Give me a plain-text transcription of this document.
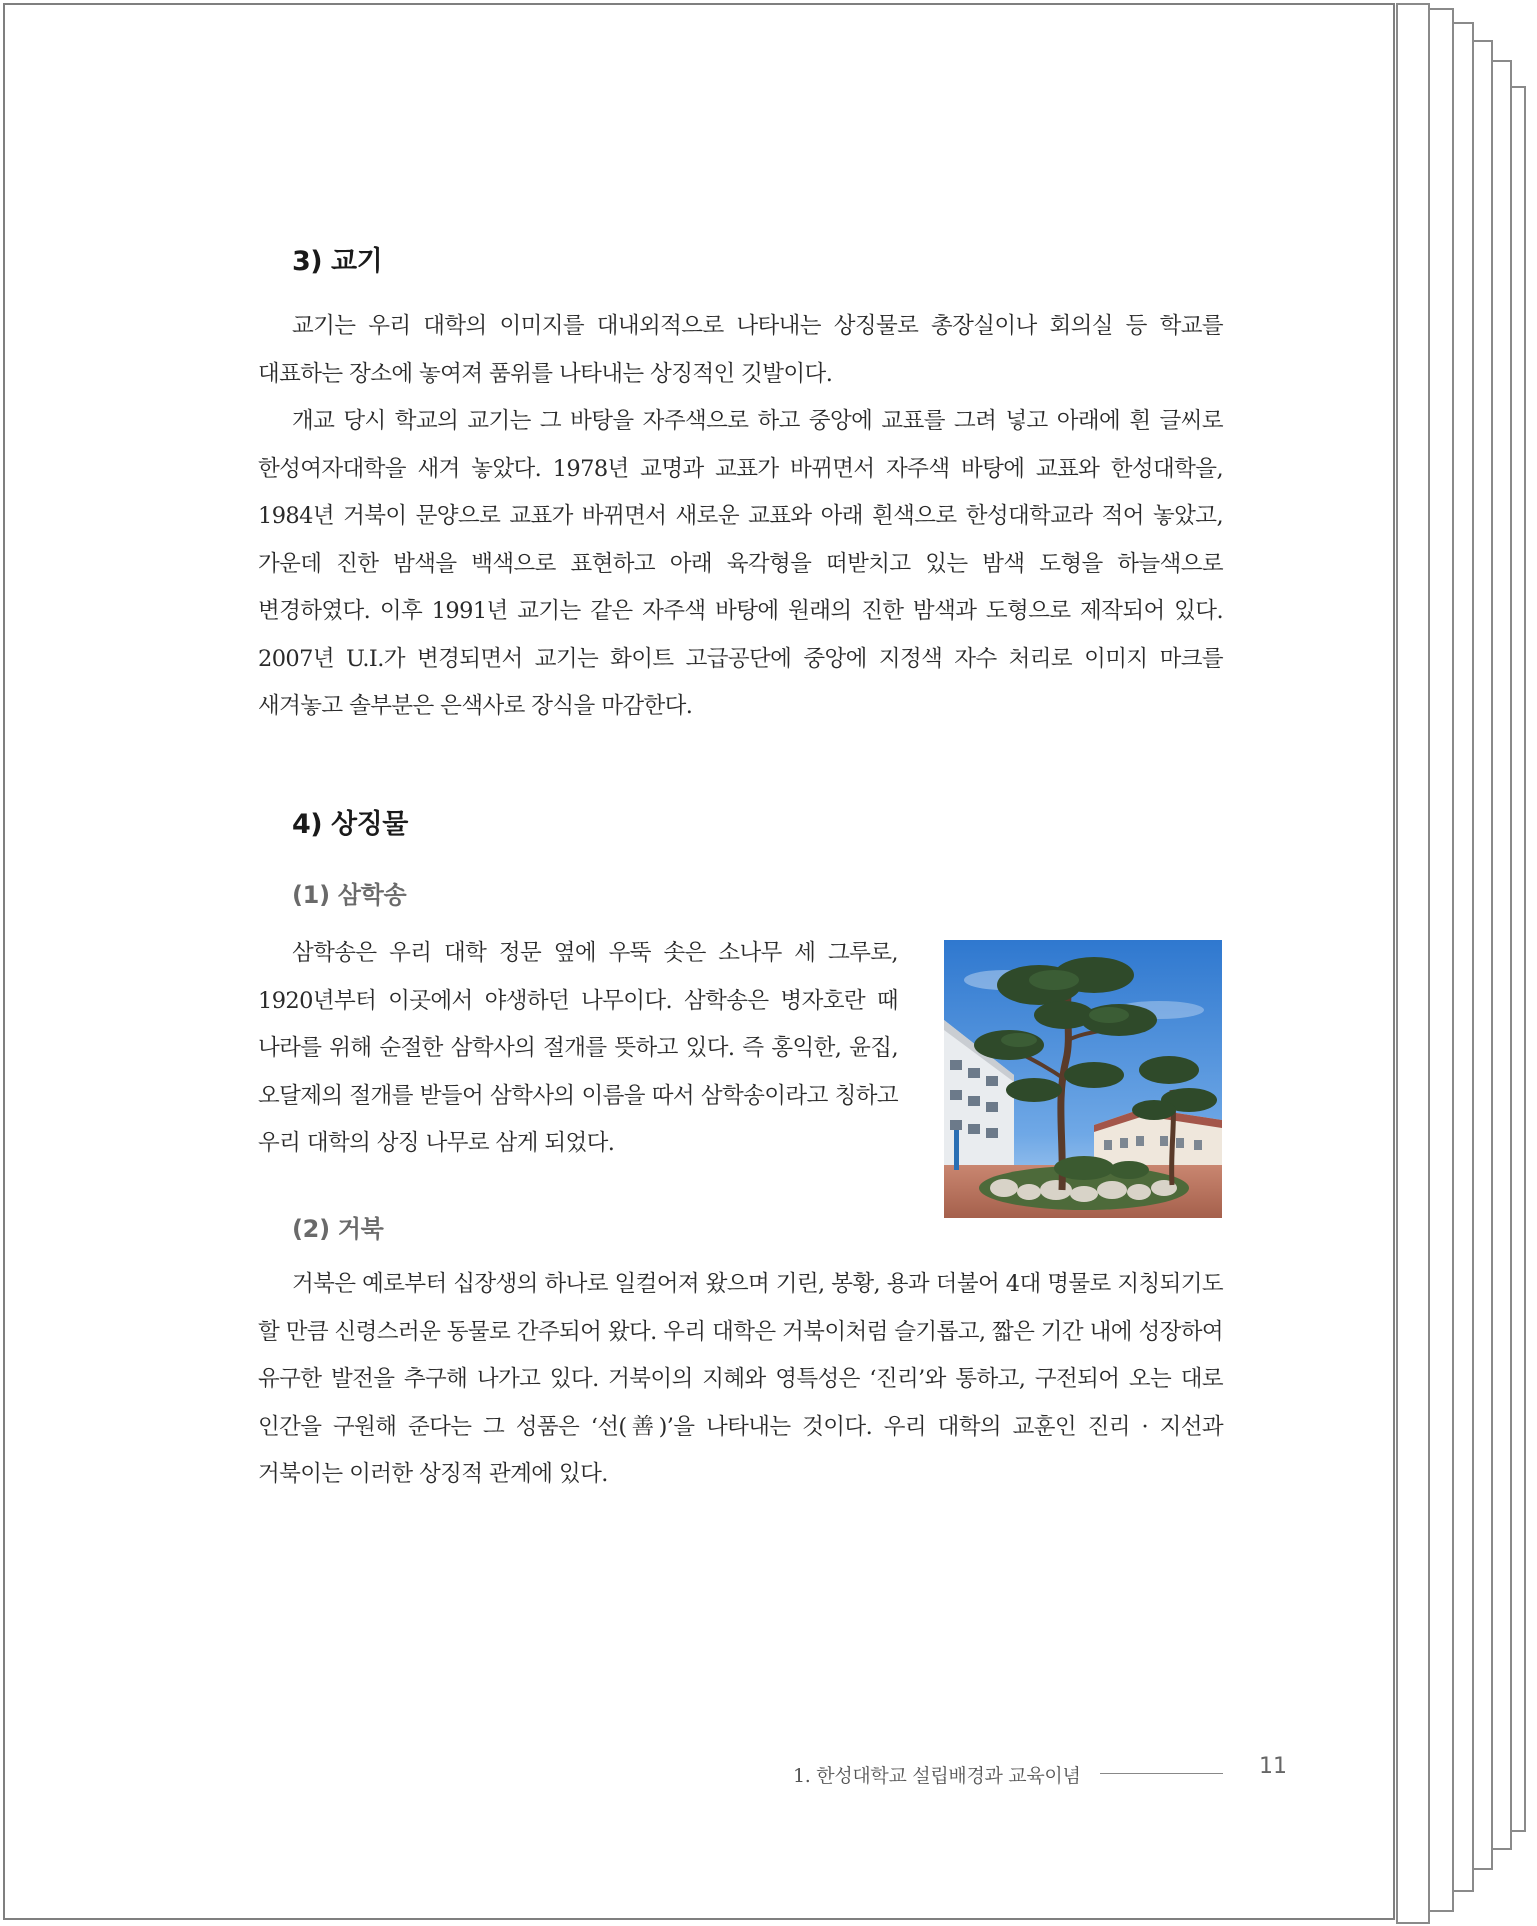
3) 교기

교기는 우리 대학의 이미지를 대내외적으로 나타내는 상징물로 총장실이나 회의실 등 학교를 대표하는 장소에 놓여져 품위를 나타내는 상징적인 깃발이다.

개교 당시 학교의 교기는 그 바탕을 자주색으로 하고 중앙에 교표를 그려 넣고 아래에 흰 글씨로 한성여자대학을 새겨 놓았다. 1978년 교명과 교표가 바뀌면서 자주색 바탕에 교표와 한성대학을, 1984년 거북이 문양으로 교표가 바뀌면서 새로운 교표와 아래 흰색으로 한성대학교라 적어 놓았고, 가운데 진한 밤색을 백색으로 표현하고 아래 육각형을 떠받치고 있는 밤색 도형을 하늘색으로 변경하였다. 이후 1991년 교기는 같은 자주색 바탕에 원래의 진한 밤색과 도형으로 제작되어 있다. 2007년 U.I.가 변경되면서 교기는 화이트 고급공단에 중앙에 지정색 자수 처리로 이미지 마크를 새겨놓고 솔부분은 은색사로 장식을 마감한다.

4) 상징물
(1) 삼학송

삼학송은 우리 대학 정문 옆에 우뚝 솟은 소나무 세 그루로, 1920년부터 이곳에서 야생하던 나무이다. 삼학송은 병자호란 때 나라를 위해 순절한 삼학사의 절개를 뜻하고 있다. 즉 홍익한, 윤집, 오달제의 절개를 받들어 삼학사의 이름을 따서 삼학송이라고 칭하고 우리 대학의 상징 나무로 삼게 되었다.

(2) 거북

거북은 예로부터 십장생의 하나로 일컬어져 왔으며 기린, 봉황, 용과 더불어 4대 명물로 지칭되기도 할 만큼 신령스러운 동물로 간주되어 왔다. 우리 대학은 거북이처럼 슬기롭고, 짧은 기간 내에 성장하여 유구한 발전을 추구해 나가고 있다. 거북이의 지혜와 영특성은 ‘진리’와 통하고, 구전되어 오는 대로 인간을 구원해 준다는 그 성품은 ‘선(善)’을 나타내는 것이다. 우리 대학의 교훈인 진리 · 지선과 거북이는 이러한 상징적 관계에 있다.

1. 한성대학교 설립배경과 교육이념	11
